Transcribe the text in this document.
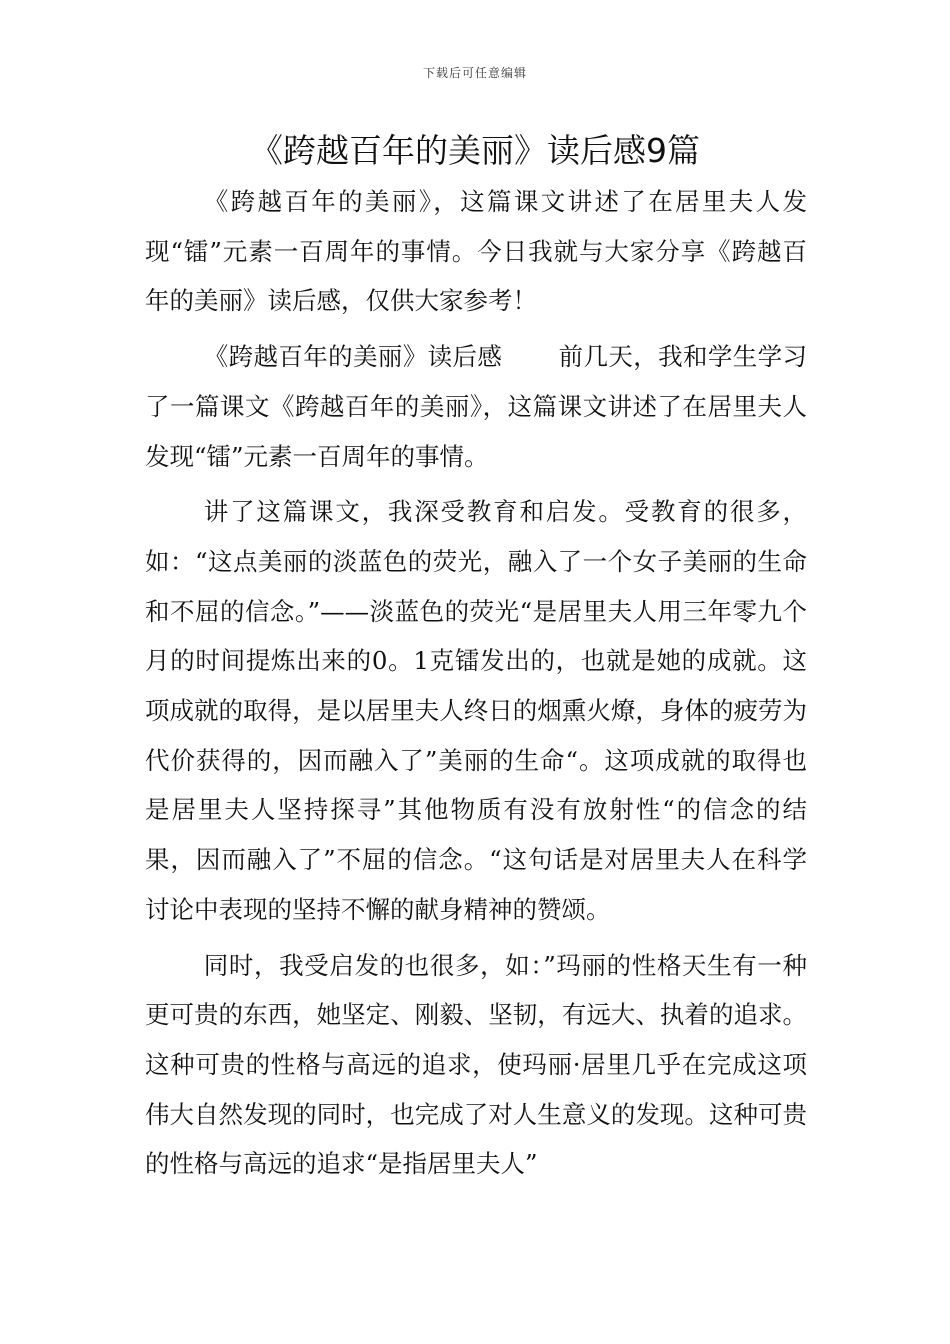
下载后可任意编辑
《跨越百年的美丽》读后感9篇

《跨越百年的美丽》，这篇课文讲述了在居里夫人发现“镭”元素一百周年的事情。今日我就与大家分享《跨越百年的美丽》读后感，仅供大家参考！

《跨越百年的美丽》读后感 前几天，我和学生学习了一篇课文《跨越百年的美丽》，这篇课文讲述了在居里夫人发现“镭”元素一百周年的事情。

讲了这篇课文，我深受教育和启发。受教育的很多，如：“这点美丽的淡蓝色的荧光，融入了一个女子美丽的生命和不屈的信念。”——淡蓝色的荧光“是居里夫人用三年零九个月的时间提炼出来的0。1克镭发出的，也就是她的成就。这项成就的取得，是以居里夫人终日的烟熏火燎，身体的疲劳为代价获得的，因而融入了”美丽的生命“。这项成就的取得也是居里夫人坚持探寻”其他物质有没有放射性“的信念的结果，因而融入了”不屈的信念。“这句话是对居里夫人在科学讨论中表现的坚持不懈的献身精神的赞颂。

同时，我受启发的也很多，如：”玛丽的性格天生有一种更可贵的东西，她坚定、刚毅、坚韧，有远大、执着的追求。这种可贵的性格与高远的追求，使玛丽·居里几乎在完成这项伟大自然发现的同时，也完成了对人生意义的发现。这种可贵的性格与高远的追求“是指居里夫人”
